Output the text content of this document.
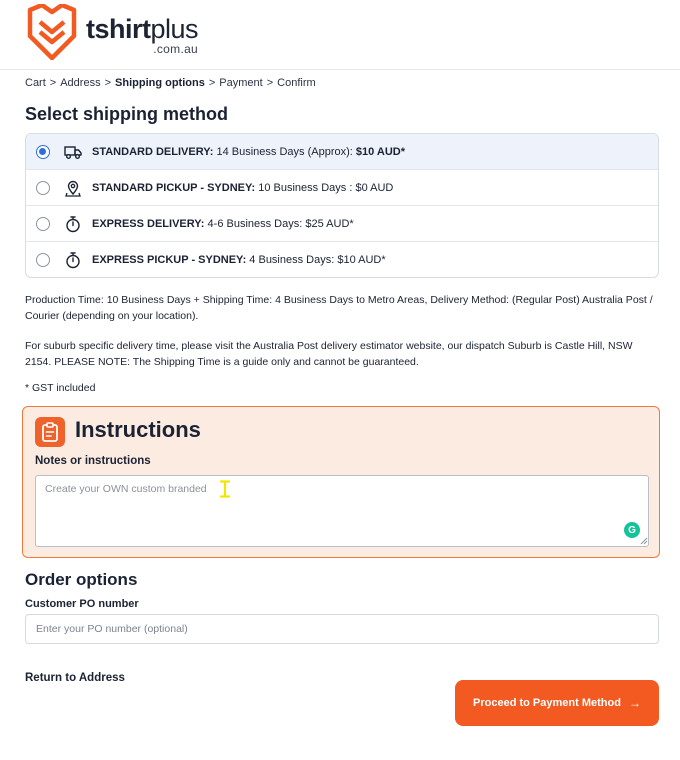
tshirtplus
.com.au
Cart > Address > Shipping options > Payment > Confirm
Select shipping method
STANDARD DELIVERY: 14 Business Days (Approx): $10 AUD*
STANDARD PICKUP - SYDNEY: 10 Business Days : $0 AUD
EXPRESS DELIVERY: 4-6 Business Days: $25 AUD*
EXPRESS PICKUP - SYDNEY: 4 Business Days: $10 AUD*
Production Time: 10 Business Days + Shipping Time: 4 Business Days to Metro Areas, Delivery Method: (Regular Post) Australia Post / Courier (depending on your location).
For suburb specific delivery time, please visit the Australia Post delivery estimator website, our dispatch Suburb is Castle Hill, NSW 2154. PLEASE NOTE: The Shipping Time is a guide only and cannot be guaranteed.
* GST included
Instructions
Notes or instructions
Create your OWN custom branded
G
Order options
Customer PO number
Enter your PO number (optional)
Return to Address
Proceed to Payment Method →
